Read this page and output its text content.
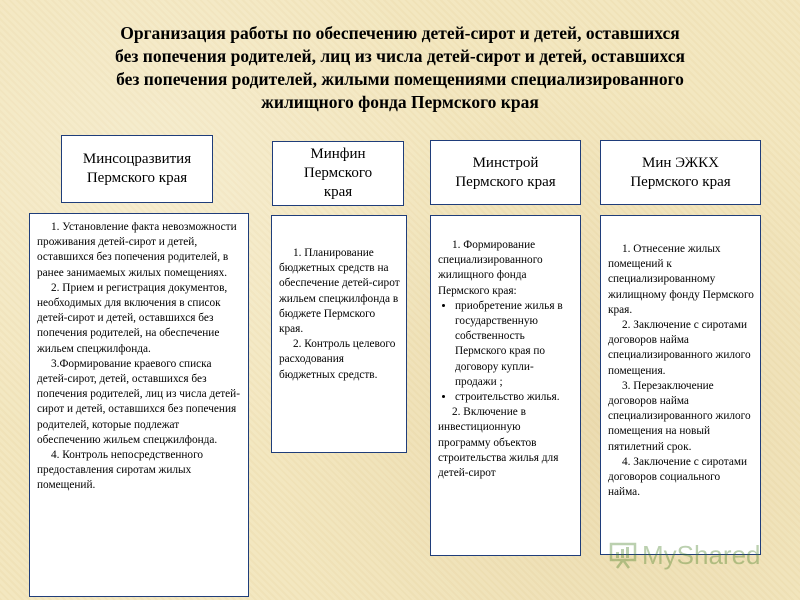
Организация работы по обеспечению детей-сирот и детей, оставшихся
без попечения родителей, лиц из числа детей-сирот и детей, оставшихся
без попечения родителей, жилыми помещениями специализированного
жилищного фонда Пермского края
Минсоцразвития
Пермского края

1. Установление факта невозможности проживания детей-сирот и детей, оставшихся без попечения родителей, в ранее занимаемых жилых помещениях.

2. Прием и регистрация документов, необходимых для включения в список детей-сирот и детей, оставшихся без попечения родителей, на обеспечение жильем спецжилфонда.

3.Формирование краевого списка детей-сирот, детей, оставшихся без попечения родителей, лиц из числа детей-сирот и детей, оставшихся без попечения родителей, которые подлежат обеспечению жильем спецжилфонда.

4. Контроль непосредственного предоставления сиротам жилых помещений.

Минфин
Пермского
края

1. Планирование бюджетных средств на обеспечение детей-сирот жильем спецжилфонда в бюджете Пермского края.

2. Контроль целевого расходования бюджетных средств.

Минстрой
Пермского края

1. Формирование специализированного жилищного фонда Пермского края:

• приобретение жилья в государственную собственность Пермского края по договору купли-продажи ;
• строительство жилья.

2. Включение в инвестиционную программу объектов строительства жилья для детей-сирот

Мин ЭЖКХ
Пермского края

1. Отнесение жилых помещений к специализированному жилищному фонду Пермского края.

2. Заключение с сиротами договоров найма специализированного жилого помещения.

3. Перезаключение договоров найма специализированного жилого помещения на новый пятилетний срок.

4. Заключение с сиротами договоров социального найма.

MyShared
